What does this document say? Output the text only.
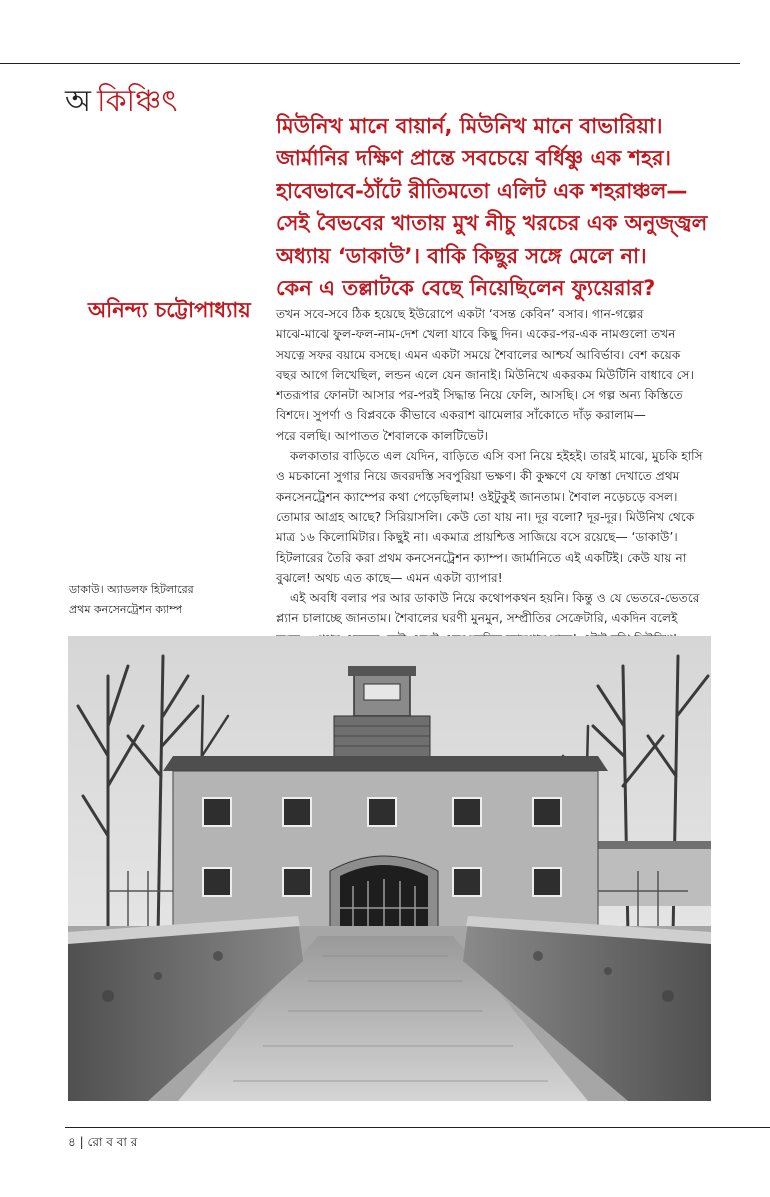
অ কিঞ্চিৎ
মিউনিখ মানে বায়ার্ন, মিউনিখ মানে বাভারিয়া।
জার্মানির দক্ষিণ প্রান্তে সবচেয়ে বর্ধিষ্ণু এক শহর।
হাবেভাবে-ঠাঁটে রীতিমতো এলিট এক শহরাঞ্চল—
সেই বৈভবের খাতায় মুখ নীচু খরচের এক অনুজ্জ্বল
অধ্যায় ‘ডাকাউ’। বাকি কিছুর সঙ্গে মেলে না।
কেন এ তল্লাটকে বেছে নিয়েছিলেন ফ্যুয়েরার?
অনিন্দ্য চট্টোপাধ্যায় তখন সবে-সবে ঠিক হয়েছে ইউরোপে একটা ‘বসন্ত কেবিন’ বসাব। গান-গল্পের
মাঝে-মাঝে ফুল-ফল-নাম-দেশ খেলা যাবে কিছু দিন। একের-পর-এক নামগুলো তখন
সযত্নে সফর বয়ামে বসছে। এমন একটা সময়ে শৈবালের আশ্চর্য আবির্ভাব। বেশ কয়েক
বছর আগে লিখেছিল, লন্ডন এলে যেন জানাই। মিউনিখে একরকম মিউটিনি বাধাবে সে।
শতরূপার ফোনটা আসার পর-পরই সিদ্ধান্ত নিয়ে ফেলি, আসছি। সে গল্প অন্য কিস্তিতে
বিশদে। সুপর্ণা ও বিপ্লবকে কীভাবে একরাশ ঝামেলার সাঁকোতে দাঁড় করালাম—
পরে বলছি। আপাতত শৈবালকে কালটিভেট।
কলকাতার বাড়িতে এল যেদিন, বাড়িতে এসি বসা নিয়ে হইহই। তারই মাঝে, মুচকি হাসি
ও মচকানো সুগার নিয়ে জবরদস্তি সবপুরিয়া ভক্ষণ। কী কুক্ষণে যে ফাস্তা দেখাতে প্রথম
কনসেনট্রেশন ক্যাম্পের কথা পেড়েছিলাম! ওইটুকুই জানতাম। শৈবাল নড়েচড়ে বসল।
তোমার আগ্রহ আছে? সিরিয়াসলি। কেউ তো যায় না। দূর বলো? দূর-দূর। মিউনিখ থেকে
মাত্র ১৬ কিলোমিটার। কিছুই না। একমাত্র প্রায়শ্চিত্ত সাজিয়ে বসে রয়েছে— ‘ডাকাউ’।
হিটলারের তৈরি করা প্রথম কনসেনট্রেশন ক্যাম্প। জার্মানিতে এই একটিই। কেউ যায় না
বুঝলে! অথচ এত কাছে— এমন একটা ব্যাপার!
এই অবধি বলার পর আর ডাকাউ নিয়ে কথোপকথন হয়নি। কিন্তু ও যে ভেতরে-ভেতরে
প্ল্যান চালাচ্ছে জানতাম। শৈবালের ঘরণী মুনমুন, সম্প্রীতির সেক্রেটারি, একদিন বলেই
ডাকাউ। অ্যাডলফ হিটলারের
প্রথম কনসেনট্রেশন ক্যাম্প
৪ | রো ব বা র
